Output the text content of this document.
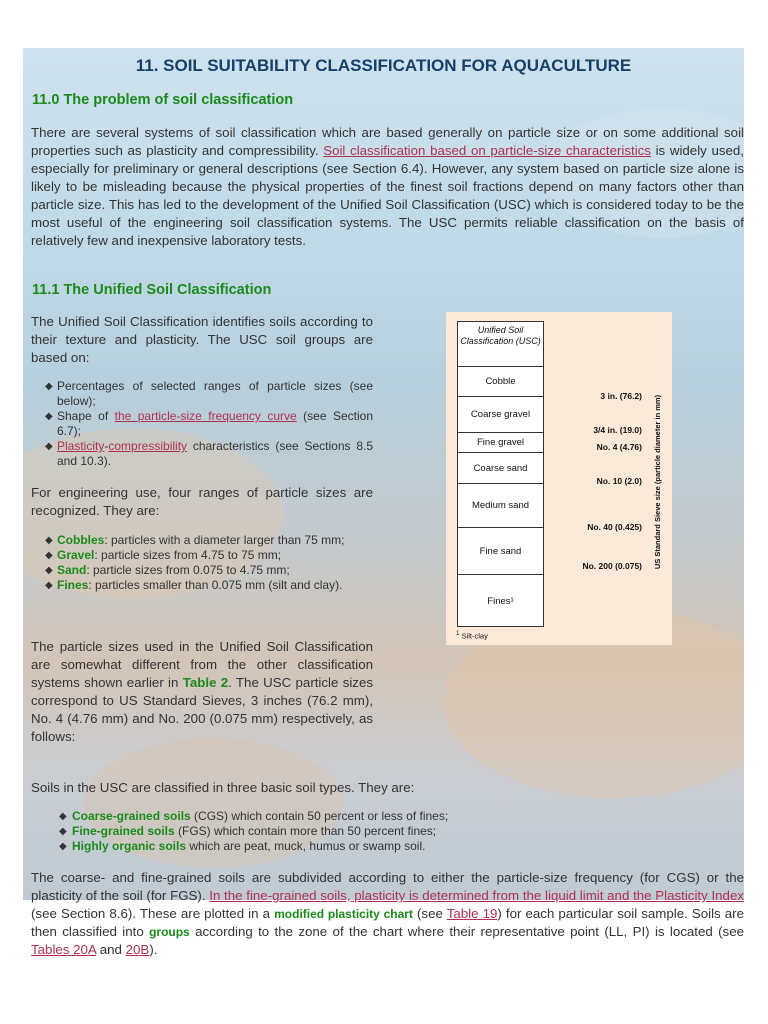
11. SOIL SUITABILITY CLASSIFICATION FOR AQUACULTURE
11.0 The problem of soil classification

There are several systems of soil classification which are based generally on particle size or on some additional soil properties such as plasticity and compressibility. Soil classification based on particle-size characteristics is widely used, especially for preliminary or general descriptions (see Section 6.4). However, any system based on particle size alone is likely to be misleading because the physical properties of the finest soil fractions depend on many factors other than particle size. This has led to the development of the Unified Soil Classification (USC) which is considered today to be the most useful of the engineering soil classification systems. The USC permits reliable classification on the basis of relatively few and inexpensive laboratory tests.

11.1 The Unified Soil Classification

The Unified Soil Classification identifies soils according to their texture and plasticity. The USC soil groups are based on:

◆ Percentages of selected ranges of particle sizes (see below);
◆ Shape of the particle-size frequency curve (see Section 6.7);
◆ Plasticity-compressibility characteristics (see Sections 8.5 and 10.3).

For engineering use, four ranges of particle sizes are recognized. They are:

◆ Cobbles: particles with a diameter larger than 75 mm;
◆ Gravel: particle sizes from 4.75 to 75 mm;
◆ Sand: particle sizes from 0.075 to 4.75 mm;
◆ Fines: particles smaller than 0.075 mm (silt and clay).

The particle sizes used in the Unified Soil Classification are somewhat different from the other classification systems shown earlier in Table 2. The USC particle sizes correspond to US Standard Sieves, 3 inches (76.2 mm), No. 4 (4.76 mm) and No. 200 (0.075 mm) respectively, as follows:

Soils in the USC are classified in three basic soil types. They are:

◆ Coarse-grained soils (CGS) which contain 50 percent or less of fines;
◆ Fine-grained soils (FGS) which contain more than 50 percent fines;
◆ Highly organic soils which are peat, muck, humus or swamp soil.

The coarse- and fine-grained soils are subdivided according to either the particle-size frequency (for CGS) or the plasticity of the soil (for FGS). In the fine-grained soils, plasticity is determined from the liquid limit and the Plasticity Index (see Section 8.6). These are plotted in a modified plasticity chart (see Table 19) for each particular soil sample. Soils are then classified into groups according to the zone of the chart where their representative point (LL, PI) is located (see Tables 20A and 20B).

Unified Soil Classification (USC)
Cobble
Coarse gravel
Fine gravel
Coarse sand
Medium sand
Fine sand
Fines¹
3 in. (76.2)
3/4 in. (19.0)
No. 4 (4.76)
No. 10 (2.0)
No. 40 (0.425)
No. 200 (0.075) US Standard Sieve size (particle diameter in mm)
$^1$ Silt-clay
